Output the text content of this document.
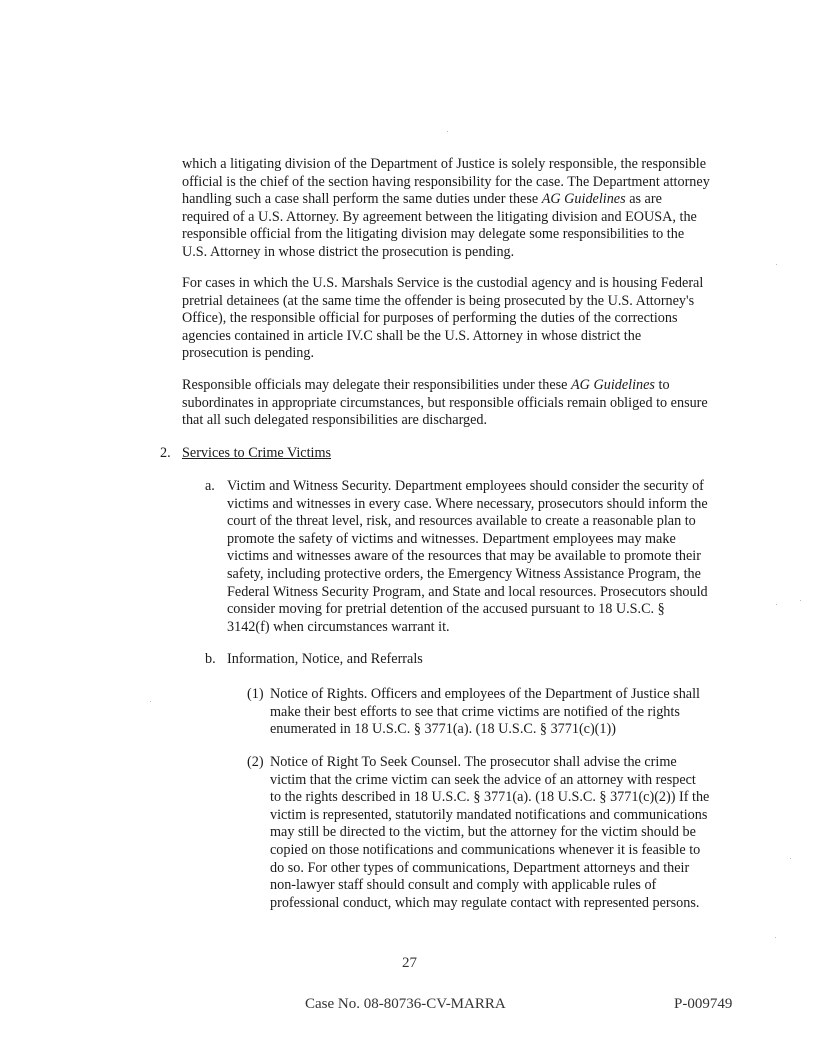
which a litigating division of the Department of Justice is solely responsible, the responsible official is the chief of the section having responsibility for the case. The Department attorney handling such a case shall perform the same duties under these AG Guidelines as are required of a U.S. Attorney. By agreement between the litigating division and EOUSA, the responsible official from the litigating division may delegate some responsibilities to the U.S. Attorney in whose district the prosecution is pending.
For cases in which the U.S. Marshals Service is the custodial agency and is housing Federal pretrial detainees (at the same time the offender is being prosecuted by the U.S. Attorney's Office), the responsible official for purposes of performing the duties of the corrections agencies contained in article IV.C shall be the U.S. Attorney in whose district the prosecution is pending.
Responsible officials may delegate their responsibilities under these AG Guidelines to subordinates in appropriate circumstances, but responsible officials remain obliged to ensure that all such delegated responsibilities are discharged.
2. Services to Crime Victims
a. Victim and Witness Security. Department employees should consider the security of victims and witnesses in every case. Where necessary, prosecutors should inform the court of the threat level, risk, and resources available to create a reasonable plan to promote the safety of victims and witnesses. Department employees may make victims and witnesses aware of the resources that may be available to promote their safety, including protective orders, the Emergency Witness Assistance Program, the Federal Witness Security Program, and State and local resources. Prosecutors should consider moving for pretrial detention of the accused pursuant to 18 U.S.C. § 3142(f) when circumstances warrant it.
b. Information, Notice, and Referrals
(1) Notice of Rights. Officers and employees of the Department of Justice shall make their best efforts to see that crime victims are notified of the rights enumerated in 18 U.S.C. § 3771(a). (18 U.S.C. § 3771(c)(1))
(2) Notice of Right To Seek Counsel. The prosecutor shall advise the crime victim that the crime victim can seek the advice of an attorney with respect to the rights described in 18 U.S.C. § 3771(a). (18 U.S.C. § 3771(c)(2)) If the victim is represented, statutorily mandated notifications and communications may still be directed to the victim, but the attorney for the victim should be copied on those notifications and communications whenever it is feasible to do so. For other types of communications, Department attorneys and their non-lawyer staff should consult and comply with applicable rules of professional conduct, which may regulate contact with represented persons.
27
Case No. 08-80736-CV-MARRA	P-009749
